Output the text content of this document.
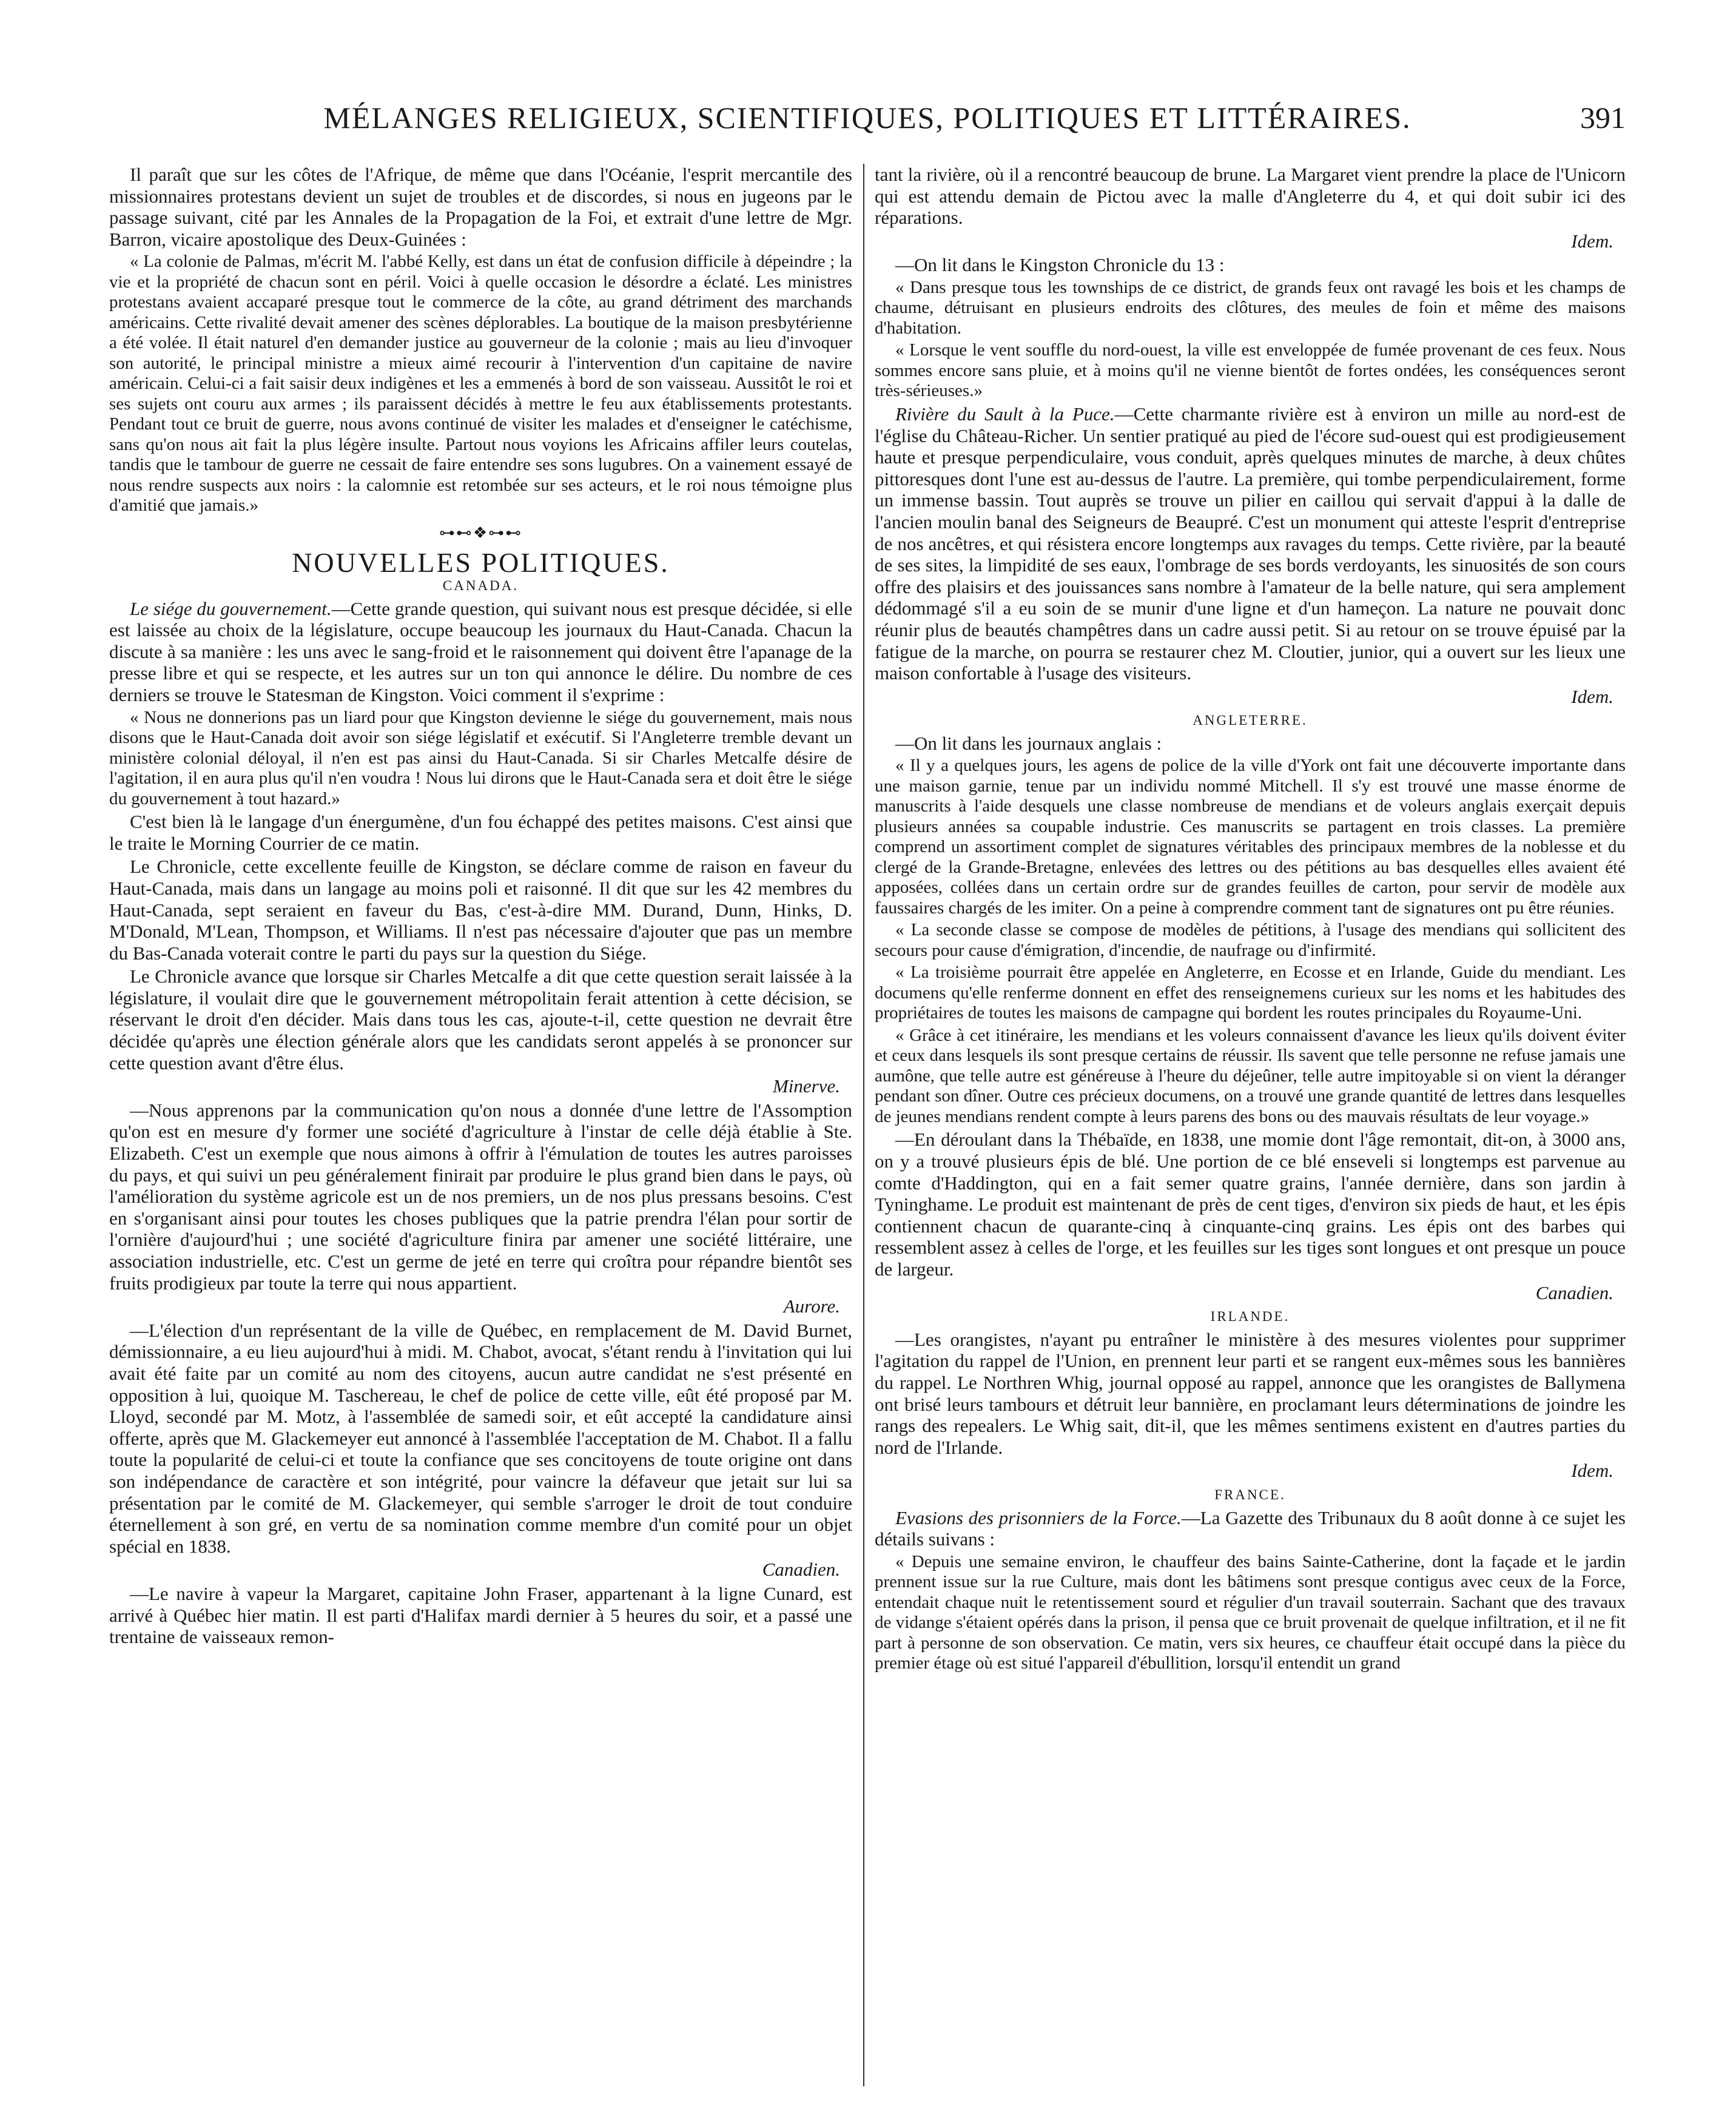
MÉLANGES RELIGIEUX, SCIENTIFIQUES, POLITIQUES ET LITTÉRAIRES.	391

Il paraît que sur les côtes de l'Afrique, de même que dans l'Océanie, l'esprit mercantile des missionnaires protestans devient un sujet de troubles et de discordes, si nous en jugeons par le passage suivant, cité par les Annales de la Propagation de la Foi, et extrait d'une lettre de Mgr. Barron, vicaire apostolique des Deux-Guinées :

« La colonie de Palmas, m'écrit M. l'abbé Kelly, est dans un état de confusion difficile à dépeindre ; la vie et la propriété de chacun sont en péril. Voici à quelle occasion le désordre a éclaté. Les ministres protestans avaient accaparé presque tout le commerce de la côte, au grand détriment des marchands américains. Cette rivalité devait amener des scènes déplorables. La boutique de la maison presbytérienne a été volée. Il était naturel d'en demander justice au gouverneur de la colonie ; mais au lieu d'invoquer son autorité, le principal ministre a mieux aimé recourir à l'intervention d'un capitaine de navire américain. Celui-ci a fait saisir deux indigènes et les a emmenés à bord de son vaisseau. Aussitôt le roi et ses sujets ont couru aux armes ; ils paraissent décidés à mettre le feu aux établissements protestants. Pendant tout ce bruit de guerre, nous avons continué de visiter les malades et d'enseigner le catéchisme, sans qu'on nous ait fait la plus légère insulte. Partout nous voyions les Africains affiler leurs coutelas, tandis que le tambour de guerre ne cessait de faire entendre ses sons lugubres. On a vainement essayé de nous rendre suspects aux noirs : la calomnie est retombée sur ses acteurs, et le roi nous témoigne plus d'amitié que jamais.»

⊶⊷❖⊶⊷
NOUVELLES POLITIQUES.
CANADA.

Le siége du gouvernement.—Cette grande question, qui suivant nous est presque décidée, si elle est laissée au choix de la législature, occupe beaucoup les journaux du Haut-Canada. Chacun la discute à sa manière : les uns avec le sang-froid et le raisonnement qui doivent être l'apanage de la presse libre et qui se respecte, et les autres sur un ton qui annonce le délire. Du nombre de ces derniers se trouve le Statesman de Kingston. Voici comment il s'exprime :

« Nous ne donnerions pas un liard pour que Kingston devienne le siége du gouvernement, mais nous disons que le Haut-Canada doit avoir son siége législatif et exécutif. Si l'Angleterre tremble devant un ministère colonial déloyal, il n'en est pas ainsi du Haut-Canada. Si sir Charles Metcalfe désire de l'agitation, il en aura plus qu'il n'en voudra ! Nous lui dirons que le Haut-Canada sera et doit être le siége du gouvernement à tout hazard.»

C'est bien là le langage d'un énergumène, d'un fou échappé des petites maisons. C'est ainsi que le traite le Morning Courrier de ce matin.

Le Chronicle, cette excellente feuille de Kingston, se déclare comme de raison en faveur du Haut-Canada, mais dans un langage au moins poli et raisonné. Il dit que sur les 42 membres du Haut-Canada, sept seraient en faveur du Bas, c'est-à-dire MM. Durand, Dunn, Hinks, D. M'Donald, M'Lean, Thompson, et Williams. Il n'est pas nécessaire d'ajouter que pas un membre du Bas-Canada voterait contre le parti du pays sur la question du Siége.

Le Chronicle avance que lorsque sir Charles Metcalfe a dit que cette question serait laissée à la législature, il voulait dire que le gouvernement métropolitain ferait attention à cette décision, se réservant le droit d'en décider. Mais dans tous les cas, ajoute-t-il, cette question ne devrait être décidée qu'après une élection générale alors que les candidats seront appelés à se prononcer sur cette question avant d'être élus.

Minerve.

—Nous apprenons par la communication qu'on nous a donnée d'une lettre de l'Assomption qu'on est en mesure d'y former une société d'agriculture à l'instar de celle déjà établie à Ste. Elizabeth. C'est un exemple que nous aimons à offrir à l'émulation de toutes les autres paroisses du pays, et qui suivi un peu généralement finirait par produire le plus grand bien dans le pays, où l'amélioration du système agricole est un de nos premiers, un de nos plus pressans besoins. C'est en s'organisant ainsi pour toutes les choses publiques que la patrie prendra l'élan pour sortir de l'ornière d'aujourd'hui ; une société d'agriculture finira par amener une société littéraire, une association industrielle, etc. C'est un germe de jeté en terre qui croîtra pour répandre bientôt ses fruits prodigieux par toute la terre qui nous appartient.

Aurore.

—L'élection d'un représentant de la ville de Québec, en remplacement de M. David Burnet, démissionnaire, a eu lieu aujourd'hui à midi. M. Chabot, avocat, s'étant rendu à l'invitation qui lui avait été faite par un comité au nom des citoyens, aucun autre candidat ne s'est présenté en opposition à lui, quoique M. Taschereau, le chef de police de cette ville, eût été proposé par M. Lloyd, secondé par M. Motz, à l'assemblée de samedi soir, et eût accepté la candidature ainsi offerte, après que M. Glackemeyer eut annoncé à l'assemblée l'acceptation de M. Chabot. Il a fallu toute la popularité de celui-ci et toute la confiance que ses concitoyens de toute origine ont dans son indépendance de caractère et son intégrité, pour vaincre la défaveur que jetait sur lui sa présentation par le comité de M. Glackemeyer, qui semble s'arroger le droit de tout conduire éternellement à son gré, en vertu de sa nomination comme membre d'un comité pour un objet spécial en 1838.

Canadien.

—Le navire à vapeur la Margaret, capitaine John Fraser, appartenant à la ligne Cunard, est arrivé à Québec hier matin. Il est parti d'Halifax mardi dernier à 5 heures du soir, et a passé une trentaine de vaisseaux remon-

tant la rivière, où il a rencontré beaucoup de brune. La Margaret vient prendre la place de l'Unicorn qui est attendu demain de Pictou avec la malle d'Angleterre du 4, et qui doit subir ici des réparations.

Idem.

—On lit dans le Kingston Chronicle du 13 :

« Dans presque tous les townships de ce district, de grands feux ont ravagé les bois et les champs de chaume, détruisant en plusieurs endroits des clôtures, des meules de foin et même des maisons d'habitation.

« Lorsque le vent souffle du nord-ouest, la ville est enveloppée de fumée provenant de ces feux. Nous sommes encore sans pluie, et à moins qu'il ne vienne bientôt de fortes ondées, les conséquences seront très-sérieuses.»

Rivière du Sault à la Puce.—Cette charmante rivière est à environ un mille au nord-est de l'église du Château-Richer. Un sentier pratiqué au pied de l'écore sud-ouest qui est prodigieusement haute et presque perpendiculaire, vous conduit, après quelques minutes de marche, à deux chûtes pittoresques dont l'une est au-dessus de l'autre. La première, qui tombe perpendiculairement, forme un immense bassin. Tout auprès se trouve un pilier en caillou qui servait d'appui à la dalle de l'ancien moulin banal des Seigneurs de Beaupré. C'est un monument qui atteste l'esprit d'entreprise de nos ancêtres, et qui résistera encore longtemps aux ravages du temps. Cette rivière, par la beauté de ses sites, la limpidité de ses eaux, l'ombrage de ses bords verdoyants, les sinuosités de son cours offre des plaisirs et des jouissances sans nombre à l'amateur de la belle nature, qui sera amplement dédommagé s'il a eu soin de se munir d'une ligne et d'un hameçon. La nature ne pouvait donc réunir plus de beautés champêtres dans un cadre aussi petit. Si au retour on se trouve épuisé par la fatigue de la marche, on pourra se restaurer chez M. Cloutier, junior, qui a ouvert sur les lieux une maison confortable à l'usage des visiteurs.

Idem.
ANGLETERRE.

—On lit dans les journaux anglais :

« Il y a quelques jours, les agens de police de la ville d'York ont fait une découverte importante dans une maison garnie, tenue par un individu nommé Mitchell. Il s'y est trouvé une masse énorme de manuscrits à l'aide desquels une classe nombreuse de mendians et de voleurs anglais exerçait depuis plusieurs années sa coupable industrie. Ces manuscrits se partagent en trois classes. La première comprend un assortiment complet de signatures véritables des principaux membres de la noblesse et du clergé de la Grande-Bretagne, enlevées des lettres ou des pétitions au bas desquelles elles avaient été apposées, collées dans un certain ordre sur de grandes feuilles de carton, pour servir de modèle aux faussaires chargés de les imiter. On a peine à comprendre comment tant de signatures ont pu être réunies.

« La seconde classe se compose de modèles de pétitions, à l'usage des mendians qui sollicitent des secours pour cause d'émigration, d'incendie, de naufrage ou d'infirmité.

« La troisième pourrait être appelée en Angleterre, en Ecosse et en Irlande, Guide du mendiant. Les documens qu'elle renferme donnent en effet des renseignemens curieux sur les noms et les habitudes des propriétaires de toutes les maisons de campagne qui bordent les routes principales du Royaume-Uni.

« Grâce à cet itinéraire, les mendians et les voleurs connaissent d'avance les lieux qu'ils doivent éviter et ceux dans lesquels ils sont presque certains de réussir. Ils savent que telle personne ne refuse jamais une aumône, que telle autre est généreuse à l'heure du déjeûner, telle autre impitoyable si on vient la déranger pendant son dîner. Outre ces précieux documens, on a trouvé une grande quantité de lettres dans lesquelles de jeunes mendians rendent compte à leurs parens des bons ou des mauvais résultats de leur voyage.»

—En déroulant dans la Thébaïde, en 1838, une momie dont l'âge remontait, dit-on, à 3000 ans, on y a trouvé plusieurs épis de blé. Une portion de ce blé enseveli si longtemps est parvenue au comte d'Haddington, qui en a fait semer quatre grains, l'année dernière, dans son jardin à Tyninghame. Le produit est maintenant de près de cent tiges, d'environ six pieds de haut, et les épis contiennent chacun de quarante-cinq à cinquante-cinq grains. Les épis ont des barbes qui ressemblent assez à celles de l'orge, et les feuilles sur les tiges sont longues et ont presque un pouce de largeur.

Canadien.
IRLANDE.

—Les orangistes, n'ayant pu entraîner le ministère à des mesures violentes pour supprimer l'agitation du rappel de l'Union, en prennent leur parti et se rangent eux-mêmes sous les bannières du rappel. Le Northren Whig, journal opposé au rappel, annonce que les orangistes de Ballymena ont brisé leurs tambours et détruit leur bannière, en proclamant leurs déterminations de joindre les rangs des repealers. Le Whig sait, dit-il, que les mêmes sentimens existent en d'autres parties du nord de l'Irlande.

Idem.
FRANCE.

Evasions des prisonniers de la Force.—La Gazette des Tribunaux du 8 août donne à ce sujet les détails suivans :

« Depuis une semaine environ, le chauffeur des bains Sainte-Catherine, dont la façade et le jardin prennent issue sur la rue Culture, mais dont les bâtimens sont presque contigus avec ceux de la Force, entendait chaque nuit le retentissement sourd et régulier d'un travail souterrain. Sachant que des travaux de vidange s'étaient opérés dans la prison, il pensa que ce bruit provenait de quelque infiltration, et il ne fit part à personne de son observation. Ce matin, vers six heures, ce chauffeur était occupé dans la pièce du premier étage où est situé l'appareil d'ébullition, lorsqu'il entendit un grand
